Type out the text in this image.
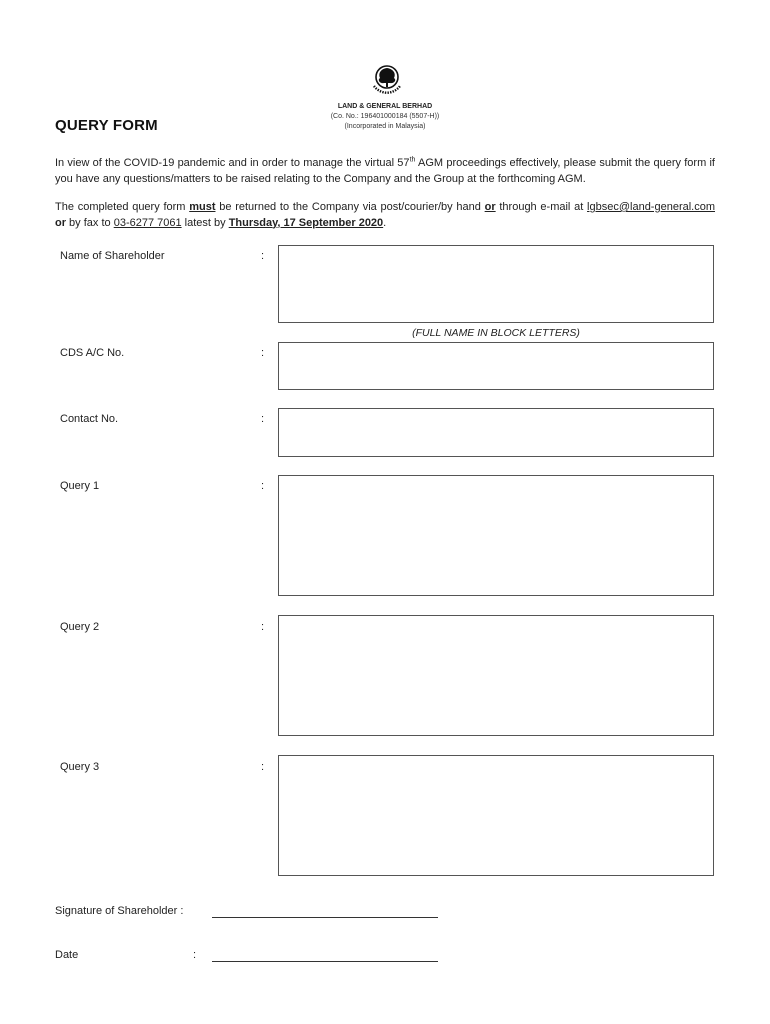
LAND & GENERAL BERHAD
(Co. No.: 196401000184 (5507-H))
(Incorporated in Malaysia)
QUERY FORM
In view of the COVID-19 pandemic and in order to manage the virtual 57th AGM proceedings effectively, please submit the query form if you have any questions/matters to be raised relating to the Company and the Group at the forthcoming AGM.
The completed query form must be returned to the Company via post/courier/by hand or through e-mail at lgbsec@land-general.com or by fax to 03-6277 7061 latest by Thursday, 17 September 2020.
Name of Shareholder	:
(FULL NAME IN BLOCK LETTERS)
CDS A/C No.	:
Contact No.	:
Query 1	:
Query 2	:
Query 3	:
Signature of Shareholder :
Date	:
